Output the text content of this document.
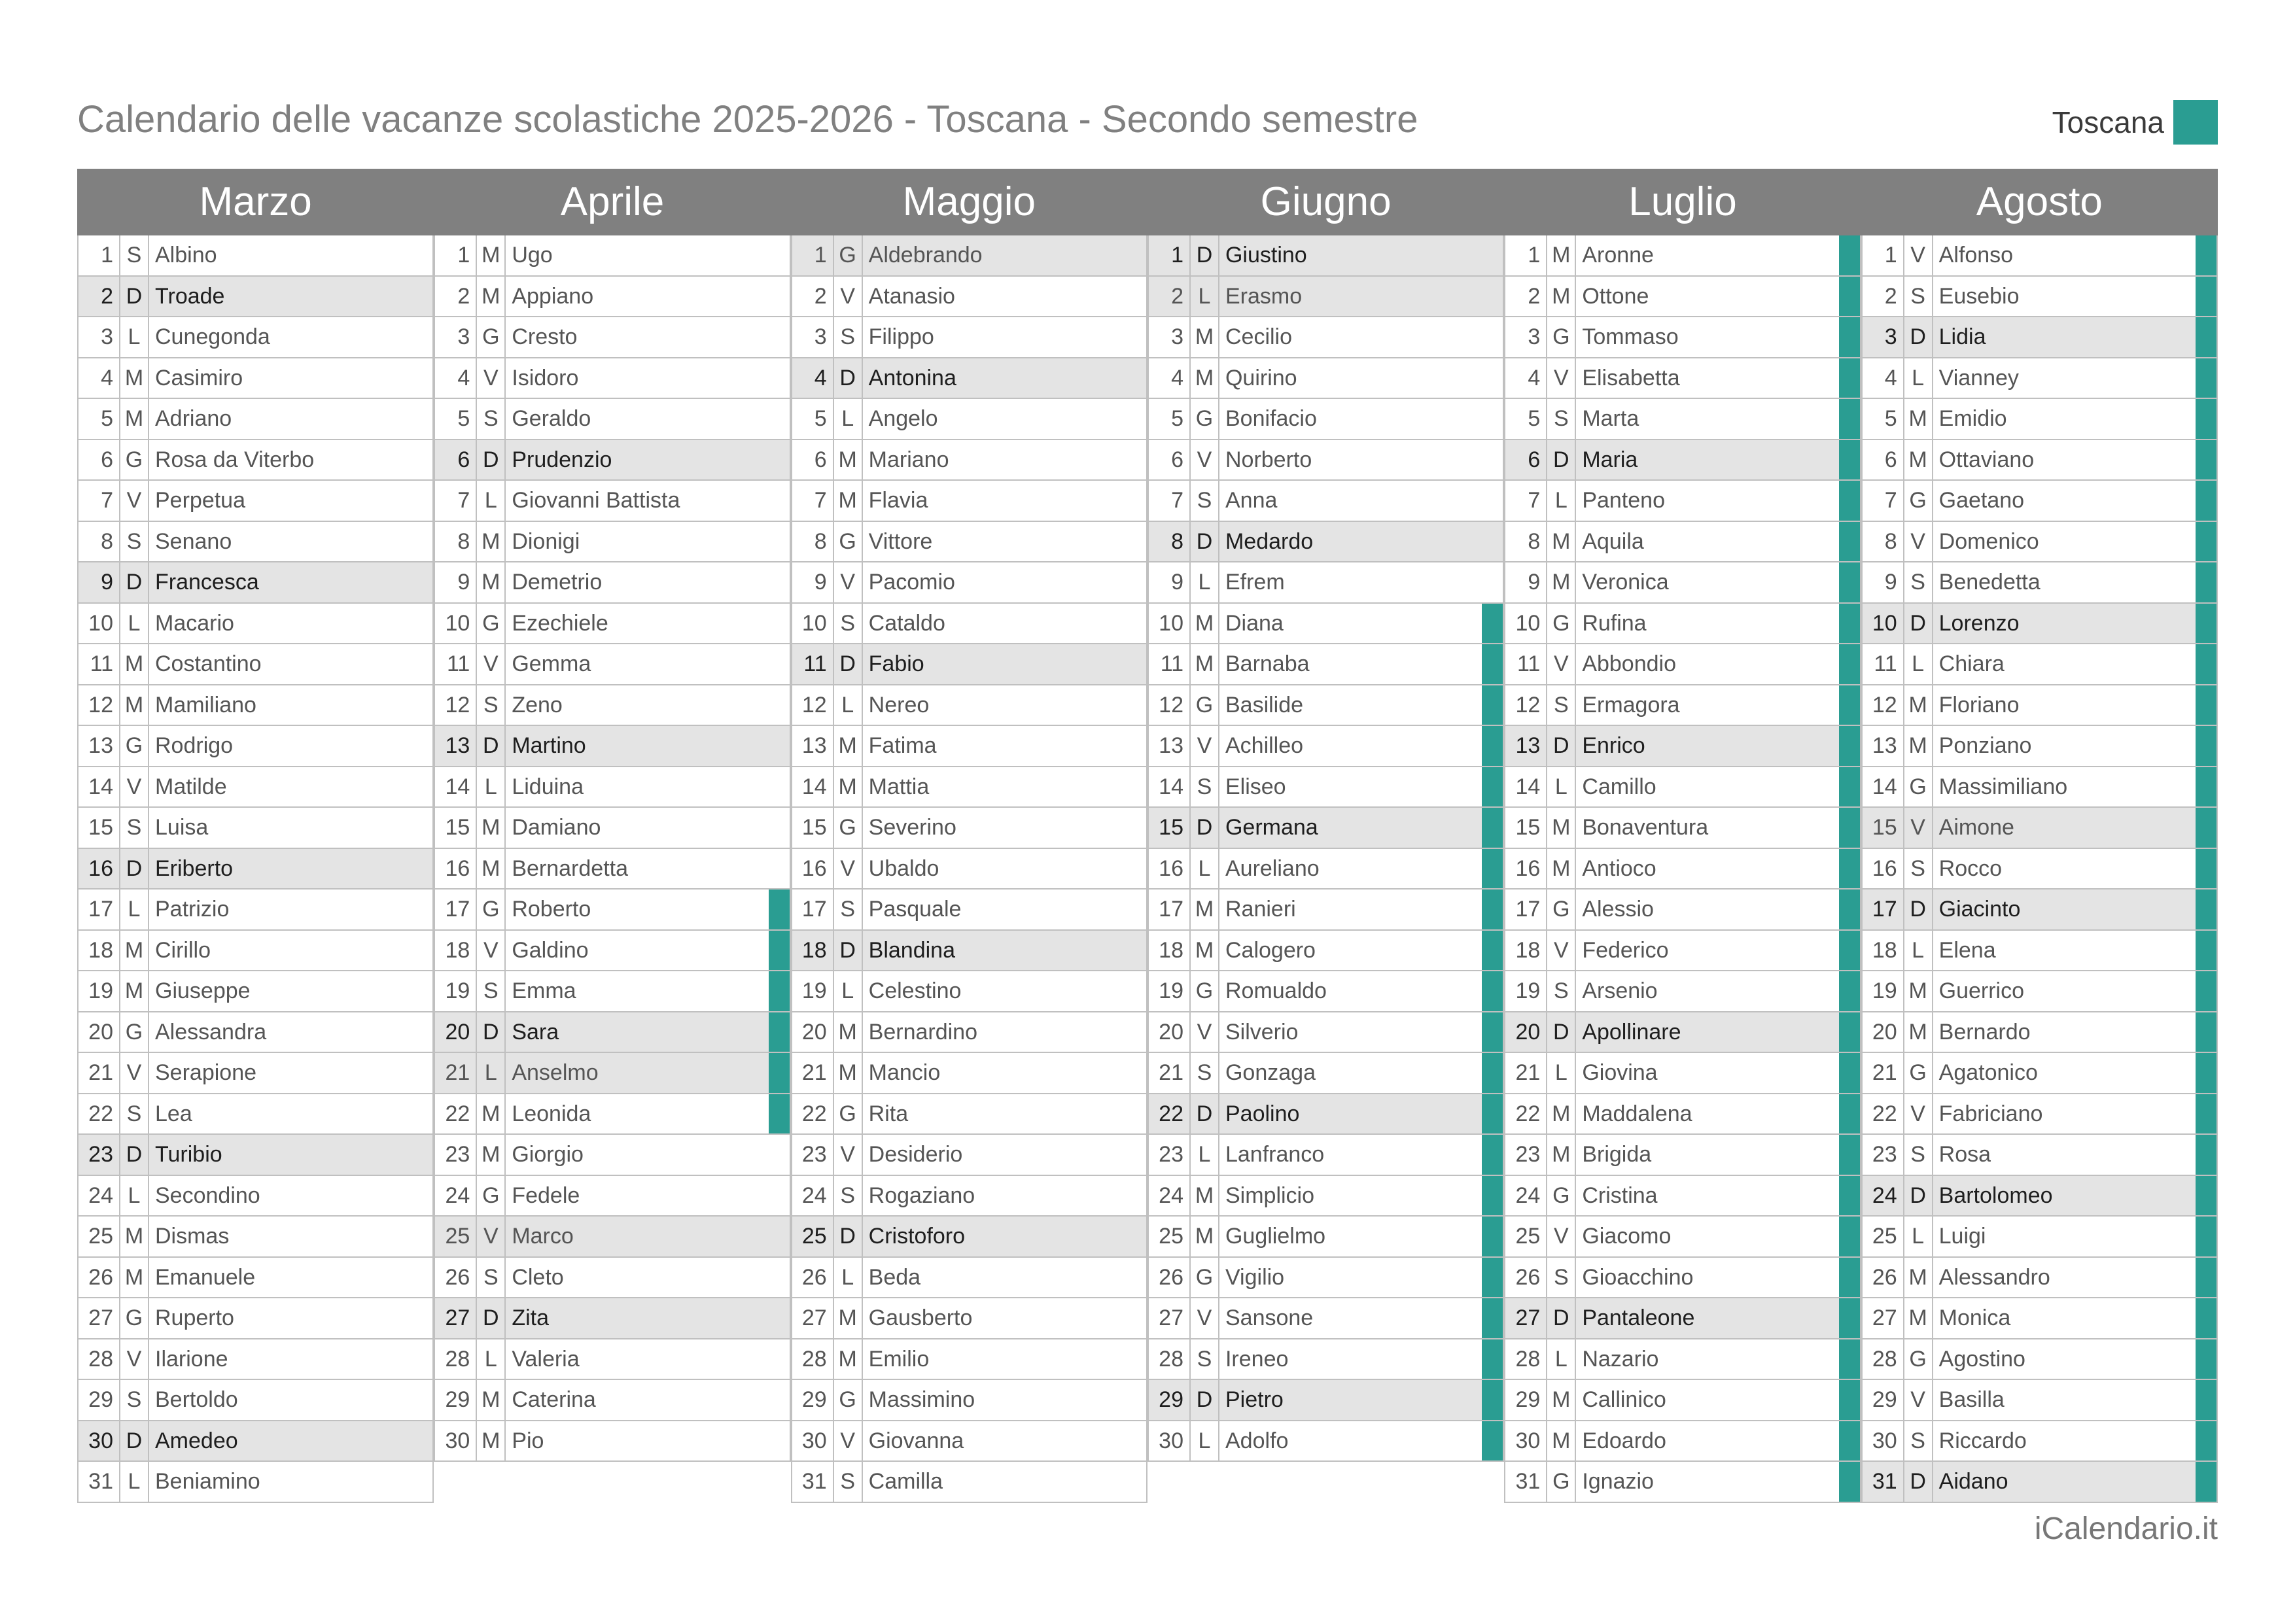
Calendario delle vacanze scolastiche 2025-2026 - Toscana - Secondo semestre	Toscana
Marzo
1 S Albino
2 D Troade
3 L Cunegonda
4 M Casimiro
5 M Adriano
6 G Rosa da Viterbo
7 V Perpetua
8 S Senano
9 D Francesca
10 L Macario
11 M Costantino
12 M Mamiliano
13 G Rodrigo
14 V Matilde
15 S Luisa
16 D Eriberto
17 L Patrizio
18 M Cirillo
19 M Giuseppe
20 G Alessandra
21 V Serapione
22 S Lea
23 D Turibio
24 L Secondino
25 M Dismas
26 M Emanuele
27 G Ruperto
28 V Ilarione
29 S Bertoldo
30 D Amedeo
31 L Beniamino
Aprile
1 M Ugo
2 M Appiano
3 G Cresto
4 V Isidoro
5 S Geraldo
6 D Prudenzio
7 L Giovanni Battista
8 M Dionigi
9 M Demetrio
10 G Ezechiele
11 V Gemma
12 S Zeno
13 D Martino
14 L Liduina
15 M Damiano
16 M Bernardetta
17 G Roberto
18 V Galdino
19 S Emma
20 D Sara
21 L Anselmo
22 M Leonida
23 M Giorgio
24 G Fedele
25 V Marco
26 S Cleto
27 D Zita
28 L Valeria
29 M Caterina
30 M Pio
Maggio
1 G Aldebrando
2 V Atanasio
3 S Filippo
4 D Antonina
5 L Angelo
6 M Mariano
7 M Flavia
8 G Vittore
9 V Pacomio
10 S Cataldo
11 D Fabio
12 L Nereo
13 M Fatima
14 M Mattia
15 G Severino
16 V Ubaldo
17 S Pasquale
18 D Blandina
19 L Celestino
20 M Bernardino
21 M Mancio
22 G Rita
23 V Desiderio
24 S Rogaziano
25 D Cristoforo
26 L Beda
27 M Gausberto
28 M Emilio
29 G Massimino
30 V Giovanna
31 S Camilla
Giugno
1 D Giustino
2 L Erasmo
3 M Cecilio
4 M Quirino
5 G Bonifacio
6 V Norberto
7 S Anna
8 D Medardo
9 L Efrem
10 M Diana
11 M Barnaba
12 G Basilide
13 V Achilleo
14 S Eliseo
15 D Germana
16 L Aureliano
17 M Ranieri
18 M Calogero
19 G Romualdo
20 V Silverio
21 S Gonzaga
22 D Paolino
23 L Lanfranco
24 M Simplicio
25 M Guglielmo
26 G Vigilio
27 V Sansone
28 S Ireneo
29 D Pietro
30 L Adolfo
Luglio
1 M Aronne
2 M Ottone
3 G Tommaso
4 V Elisabetta
5 S Marta
6 D Maria
7 L Panteno
8 M Aquila
9 M Veronica
10 G Rufina
11 V Abbondio
12 S Ermagora
13 D Enrico
14 L Camillo
15 M Bonaventura
16 M Antioco
17 G Alessio
18 V Federico
19 S Arsenio
20 D Apollinare
21 L Giovina
22 M Maddalena
23 M Brigida
24 G Cristina
25 V Giacomo
26 S Gioacchino
27 D Pantaleone
28 L Nazario
29 M Callinico
30 M Edoardo
31 G Ignazio
Agosto
1 V Alfonso
2 S Eusebio
3 D Lidia
4 L Vianney
5 M Emidio
6 M Ottaviano
7 G Gaetano
8 V Domenico
9 S Benedetta
10 D Lorenzo
11 L Chiara
12 M Floriano
13 M Ponziano
14 G Massimiliano
15 V Aimone
16 S Rocco
17 D Giacinto
18 L Elena
19 M Guerrico
20 M Bernardo
21 G Agatonico
22 V Fabriciano
23 S Rosa
24 D Bartolomeo
25 L Luigi
26 M Alessandro
27 M Monica
28 G Agostino
29 V Basilla
30 S Riccardo
31 D Aidano
iCalendario.it
